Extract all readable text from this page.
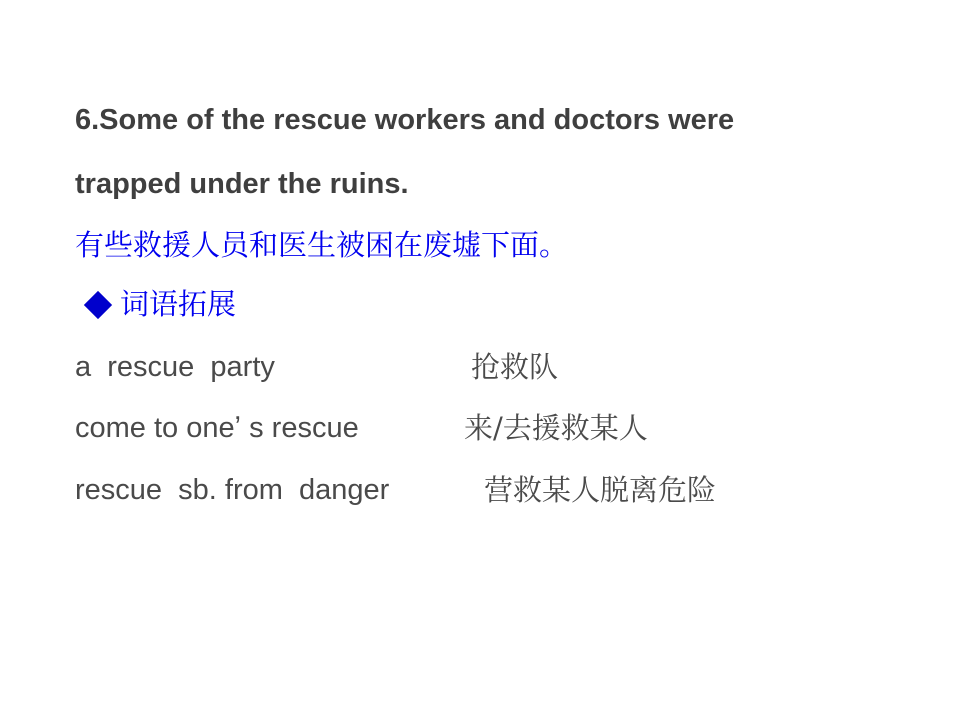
6.Some of the rescue workers and doctors were
trapped under the ruins.
有些救援人员和医生被困在废墟下面。
词语拓展
a  rescue  party	抢救队
come to oneʼ s rescue	来/去援救某人
rescue  sb. from  danger	营救某人脱离危险
